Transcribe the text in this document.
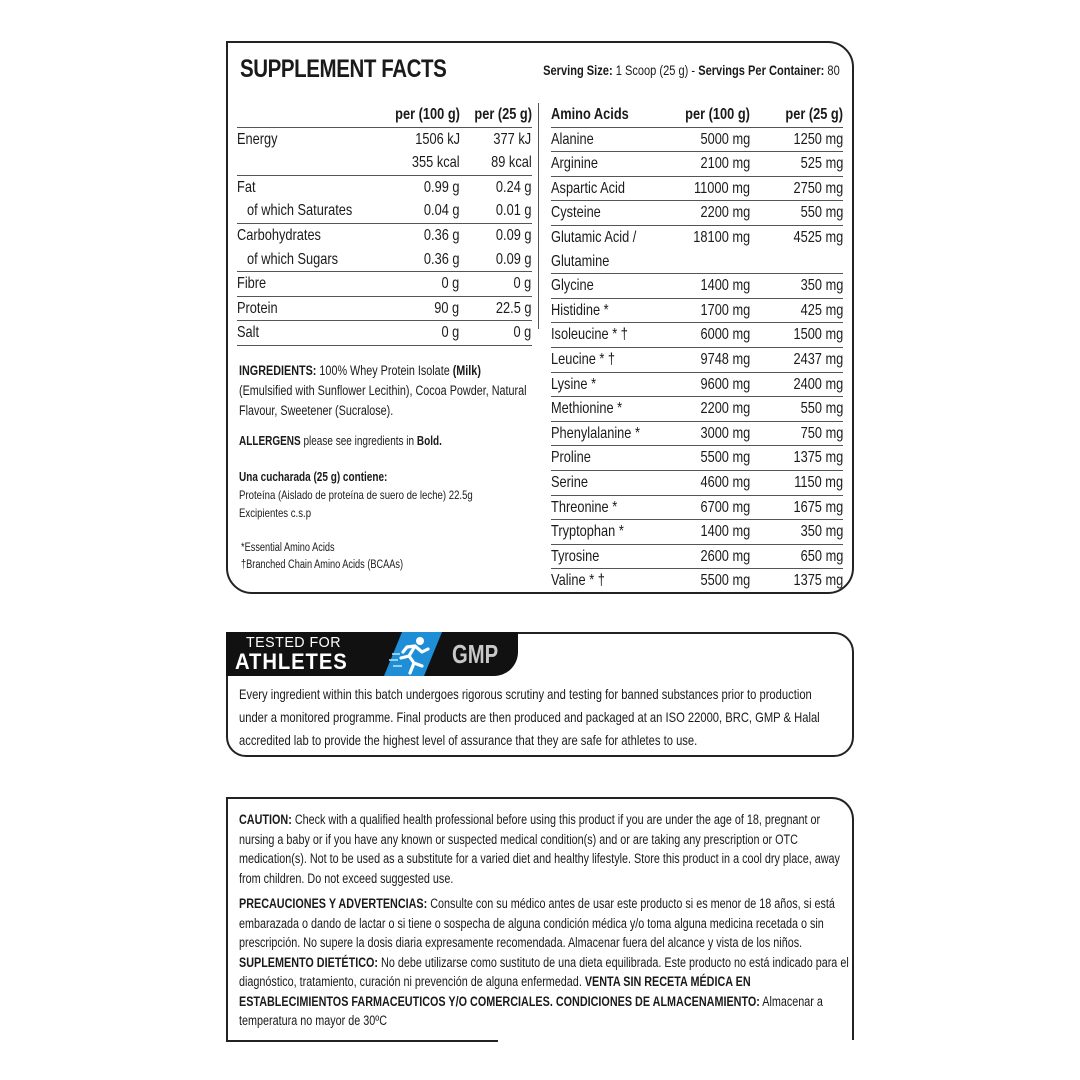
SUPPLEMENT FACTS	Serving Size: 1 Scoop (25 g) - Servings Per Container: 80
	per (100 g)	per (25 g)
Energy	1506 kJ	377 kJ
	355 kcal	89 kcal
Fat	0.99 g	0.24 g
of which Saturates	0.04 g	0.01 g
Carbohydrates	0.36 g	0.09 g
of which Sugars	0.36 g	0.09 g
Fibre	0 g	0 g
Protein	90 g	22.5 g
Salt	0 g	0 g
Amino Acids	per (100 g)	per (25 g)
Alanine	5000 mg	1250 mg
Arginine	2100 mg	525 mg
Aspartic Acid	11000 mg	2750 mg
Cysteine	2200 mg	550 mg
Glutamic Acid /	18100 mg	4525 mg
Glutamine		
Glycine	1400 mg	350 mg
Histidine *	1700 mg	425 mg
Isoleucine * †	6000 mg	1500 mg
Leucine * †	9748 mg	2437 mg
Lysine *	9600 mg	2400 mg
Methionine *	2200 mg	550 mg
Phenylalanine *	3000 mg	750 mg
Proline	5500 mg	1375 mg
Serine	4600 mg	1150 mg
Threonine *	6700 mg	1675 mg
Tryptophan *	1400 mg	350 mg
Tyrosine	2600 mg	650 mg
Valine * †	5500 mg	1375 mg
INGREDIENTS: 100% Whey Protein Isolate (Milk) (Emulsified with Sunflower Lecithin), Cocoa Powder, Natural Flavour, Sweetener (Sucralose).
ALLERGENS please see ingredients in Bold.
Una cucharada (25 g) contiene:
Proteína (Aislado de proteína de suero de leche) 22.5g
Excipientes c.s.p
*Essential Amino Acids
†Branched Chain Amino Acids (BCAAs)
TESTED FOR
ATHLETES	GMP
Every ingredient within this batch undergoes rigorous scrutiny and testing for banned substances prior to production under a monitored programme. Final products are then produced and packaged at an ISO 22000, BRC, GMP & Halal accredited lab to provide the highest level of assurance that they are safe for athletes to use.
CAUTION: Check with a qualified health professional before using this product if you are under the age of 18, pregnant or nursing a baby or if you have any known or suspected medical condition(s) and or are taking any prescription or OTC medication(s). Not to be used as a substitute for a varied diet and healthy lifestyle. Store this product in a cool dry place, away from children. Do not exceed suggested use.
PRECAUCIONES Y ADVERTENCIAS: Consulte con su médico antes de usar este producto si es menor de 18 años, si está embarazada o dando de lactar o si tiene o sospecha de alguna condición médica y/o toma alguna medicina recetada o sin prescripción. No supere la dosis diaria expresamente recomendada. Almacenar fuera del alcance y vista de los niños. SUPLEMENTO DIETÉTICO: No debe utilizarse como sustituto de una dieta equilibrada. Este producto no está indicado para el diagnóstico, tratamiento, curación ni prevención de alguna enfermedad. VENTA SIN RECETA MÉDICA EN ESTABLECIMIENTOS FARMACEUTICOS Y/O COMERCIALES. CONDICIONES DE ALMACENAMIENTO: Almacenar a temperatura no mayor de 30ºC
